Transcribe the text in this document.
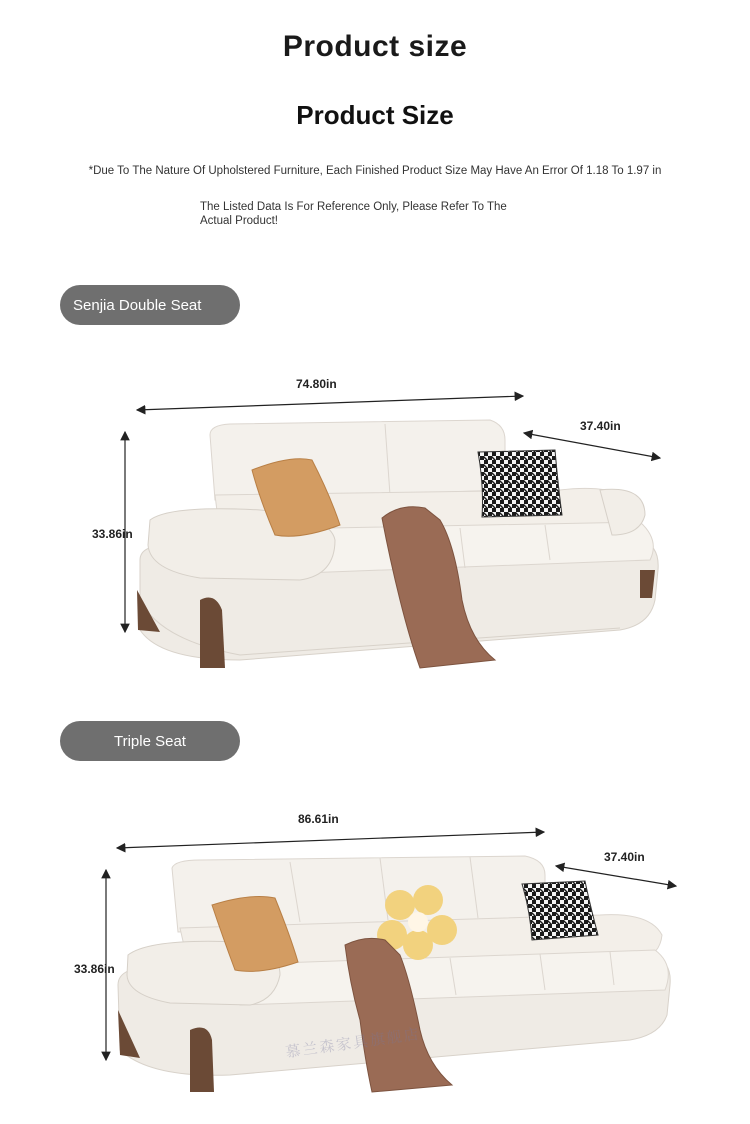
Product size
Product Size
*Due To The Nature Of Upholstered Furniture, Each Finished Product Size May Have An Error Of 1.18 To 1.97 in
The Listed Data Is For Reference Only, Please Refer To The Actual Product!
Senjia Double Seat
74.80in
37.40in
33.86in
Triple Seat
86.61in
37.40in
33.86in
慕兰森家具旗舰店
